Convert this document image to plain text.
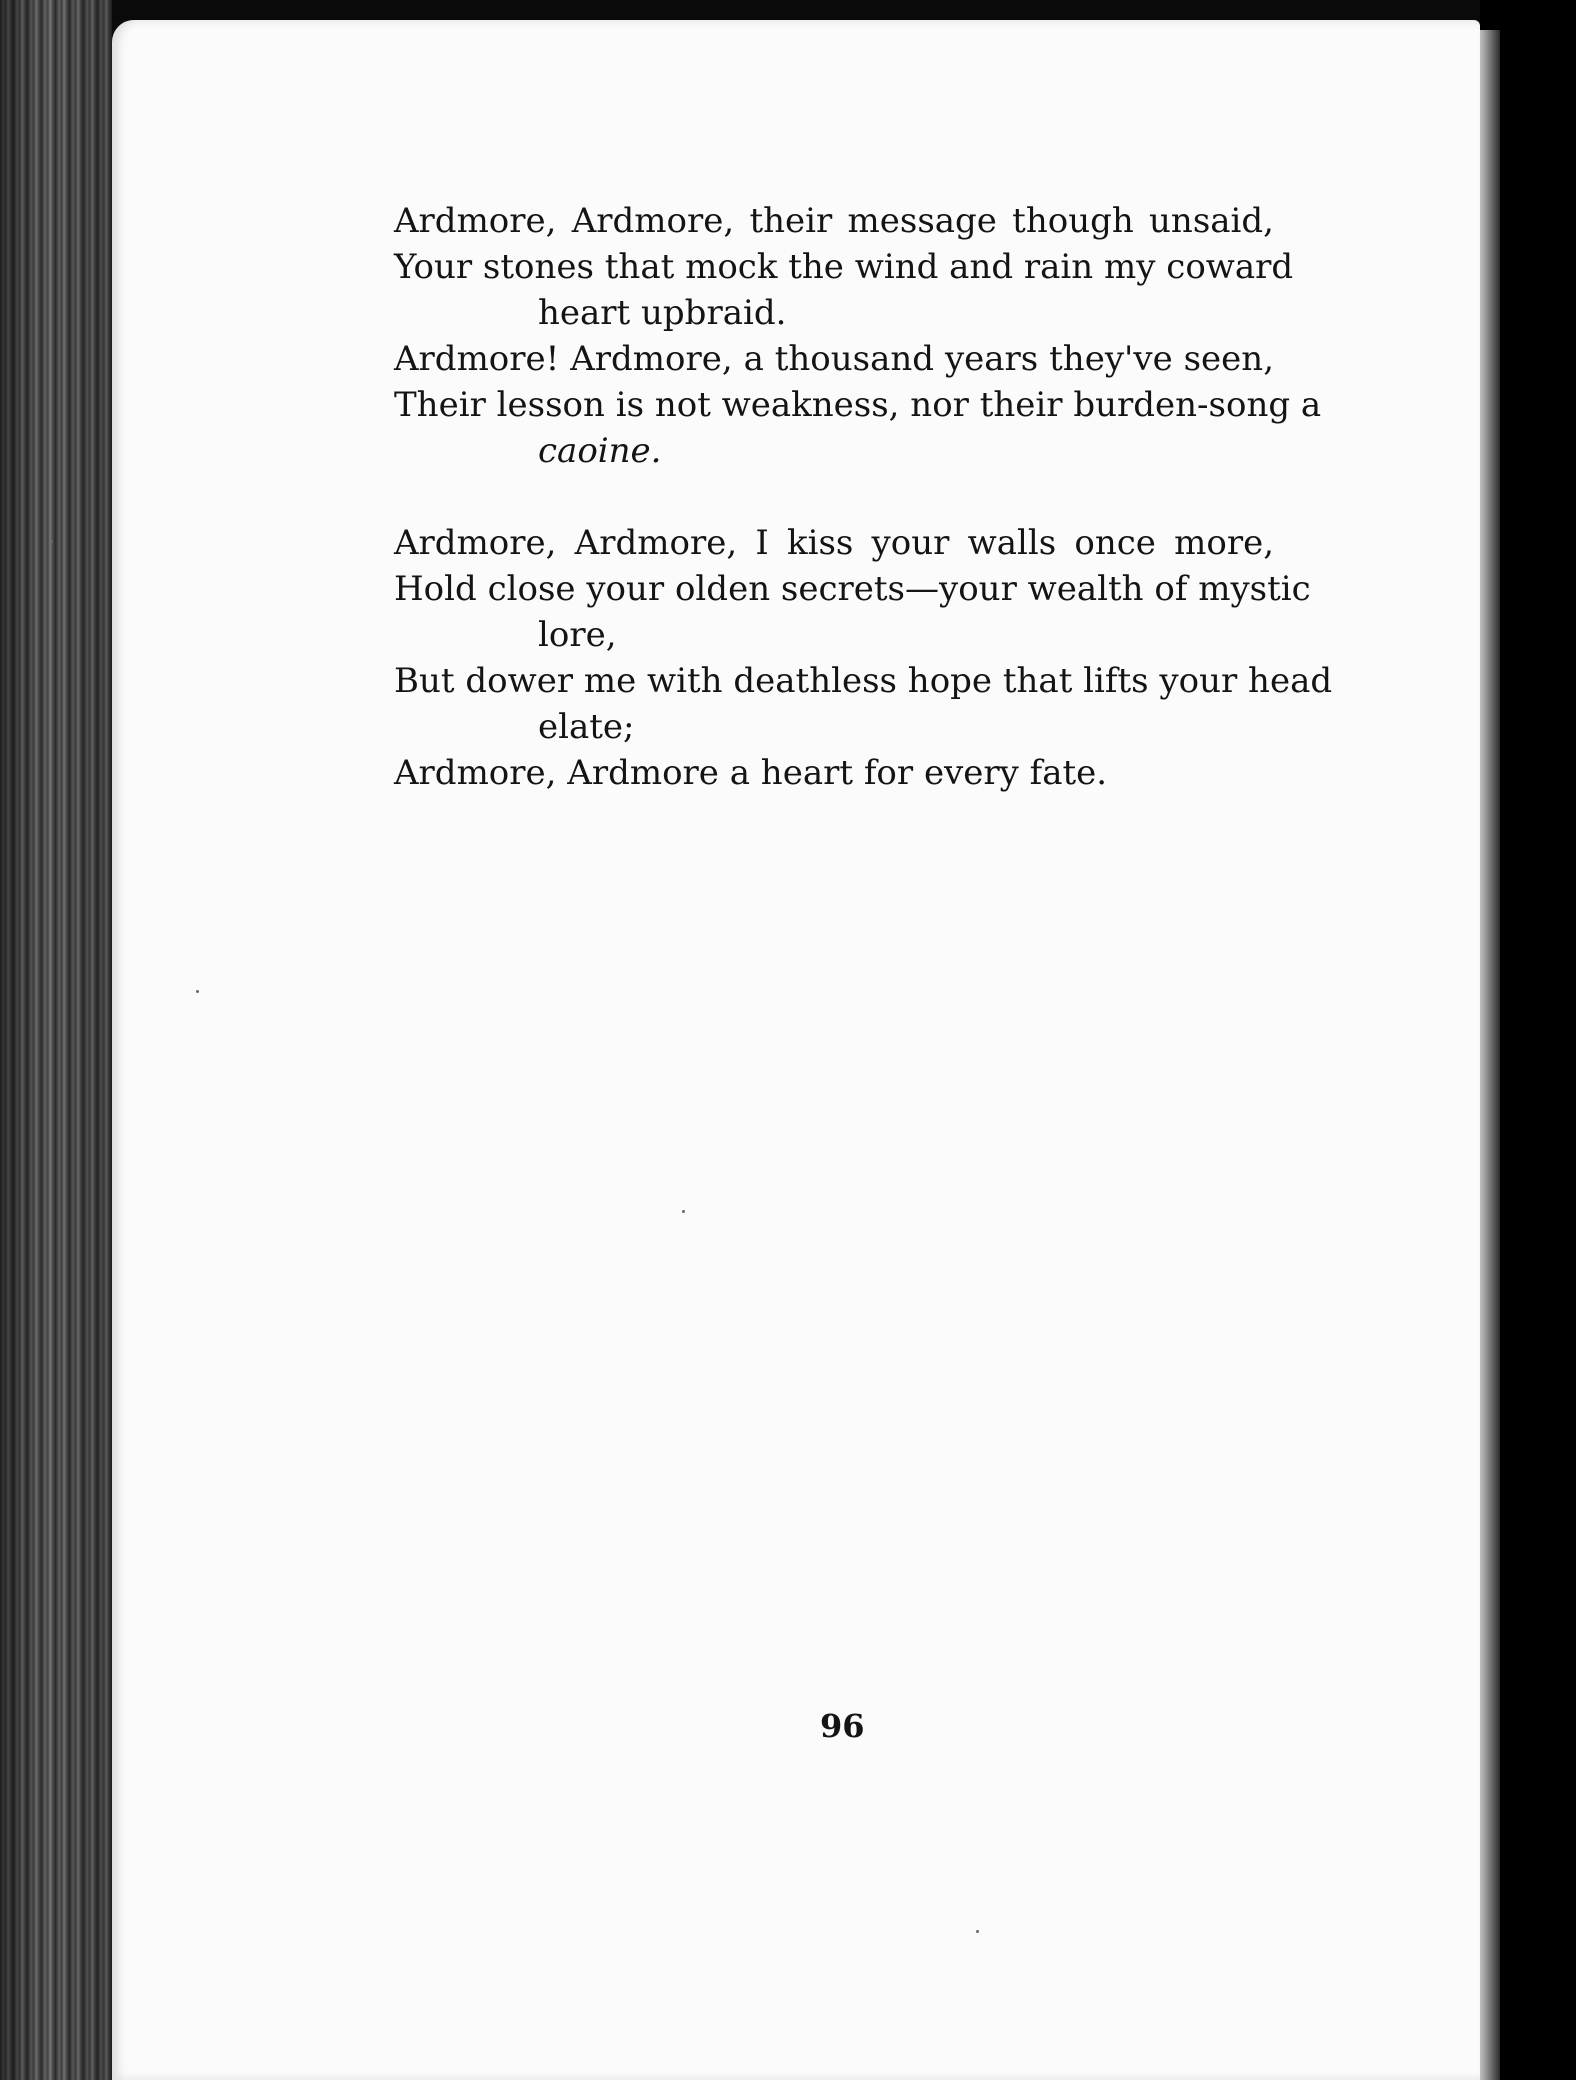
Ardmore, Ardmore, their message though unsaid,
Your stones that mock the wind and rain my coward
heart upbraid.
Ardmore! Ardmore, a thousand years they've seen,
Their lesson is not weakness, nor their burden-song a
caoine.
Ardmore, Ardmore, I kiss your walls once more,
Hold close your olden secrets—your wealth of mystic
lore,
But dower me with deathless hope that lifts your head
elate;
Ardmore, Ardmore a heart for every fate.
96
